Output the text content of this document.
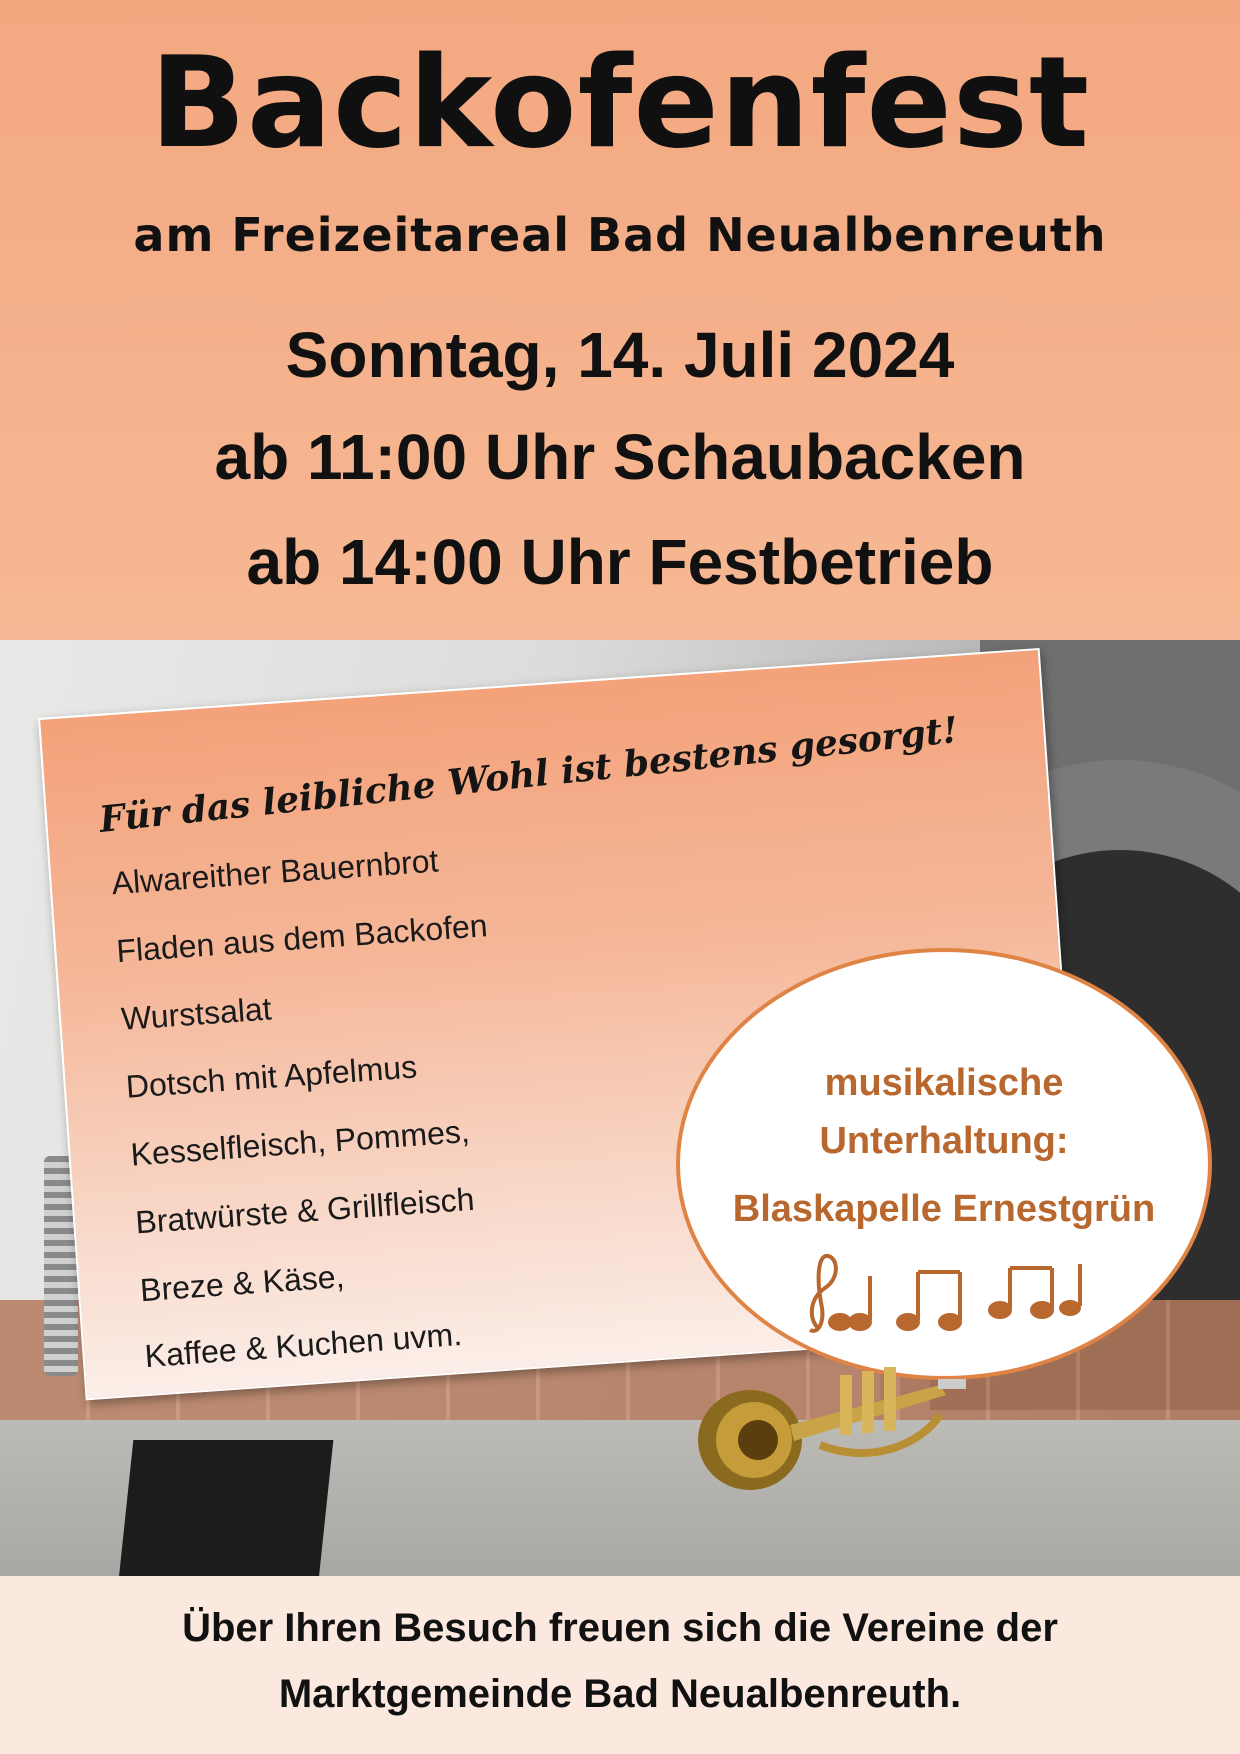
Backofenfest
am Freizeitareal Bad Neualbenreuth
Sonntag, 14. Juli 2024
ab 11:00 Uhr Schaubacken
ab 14:00 Uhr Festbetrieb
Für das leibliche Wohl ist bestens gesorgt!
Alwareither Bauernbrot
Fladen aus dem Backofen
Wurstsalat
Dotsch mit Apfelmus
Kesselfleisch, Pommes,
Bratwürste & Grillfleisch
Breze & Käse,
Kaffee & Kuchen uvm.
musikalische
Unterhaltung:
Blaskapelle Ernestgrün
Über Ihren Besuch freuen sich die Vereine der
Marktgemeinde Bad Neualbenreuth.
